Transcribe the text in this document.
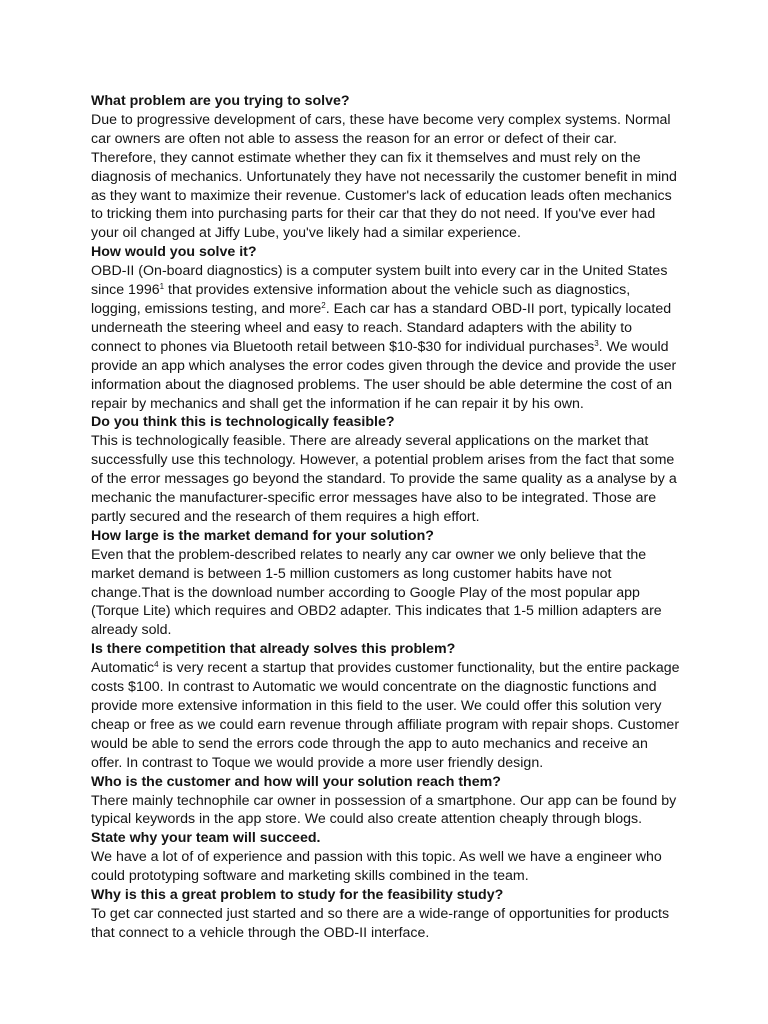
What problem are you trying to solve?

Due to progressive development of cars, these have become very complex systems. Normal car owners are often not able to assess the reason for an error or defect of their car. Therefore, they cannot estimate whether they can fix it themselves and must rely on the diagnosis of mechanics. Unfortunately they have not necessarily the customer benefit in mind as they want to maximize their revenue. Customer's lack of education leads often mechanics to tricking them into purchasing parts for their car that they do not need. If you've ever had your oil changed at Jiffy Lube, you've likely had a similar experience.

How would you solve it?

OBD-II (On-board diagnostics) is a computer system built into every car in the United States since 1996$^1$ that provides extensive information about the vehicle such as diagnostics, logging, emissions testing, and more$^2$. Each car has a standard OBD-II port, typically located underneath the steering wheel and easy to reach. Standard adapters with the ability to connect to phones via Bluetooth retail between $10-$30 for individual purchases$^3$. We would provide an app which analyses the error codes given through the device and provide the user information about the diagnosed problems. The user should be able determine the cost of an repair by mechanics and shall get the information if he can repair it by his own.

Do you think this is technologically feasible?

This is technologically feasible. There are already several applications on the market that successfully use this technology. However, a potential problem arises from the fact that some of the error messages go beyond the standard. To provide the same quality as a analyse by a mechanic the manufacturer-specific error messages have also to be integrated. Those are partly secured and the research of them requires a high effort.

How large is the market demand for your solution?

Even that the problem-described relates to nearly any car owner we only believe that the market demand is between 1-5 million customers as long customer habits have not change.That is the download number according to Google Play of the most popular app (Torque Lite) which requires and OBD2 adapter. This indicates that 1-5 million adapters are already sold.

Is there competition that already solves this problem?

Automatic$^4$ is very recent a startup that provides customer functionality, but the entire package costs $100. In contrast to Automatic we would concentrate on the diagnostic functions and provide more extensive information in this field to the user. We could offer this solution very cheap or free as we could earn revenue through affiliate program with repair shops. Customer would be able to send the errors code through the app to auto mechanics and receive an offer. In contrast to Toque we would provide a more user friendly design.

Who is the customer and how will your solution reach them?

There mainly technophile car owner in possession of a smartphone. Our app can be found by typical keywords in the app store. We could also create attention cheaply through blogs.

State why your team will succeed.

We have a lot of of experience and passion with this topic. As well we have a engineer who could prototyping software and marketing skills combined in the team.

Why is this a great problem to study for the feasibility study?

To get car connected just started and so there are a wide-range of opportunities for products that connect to a vehicle through the OBD-II interface.
